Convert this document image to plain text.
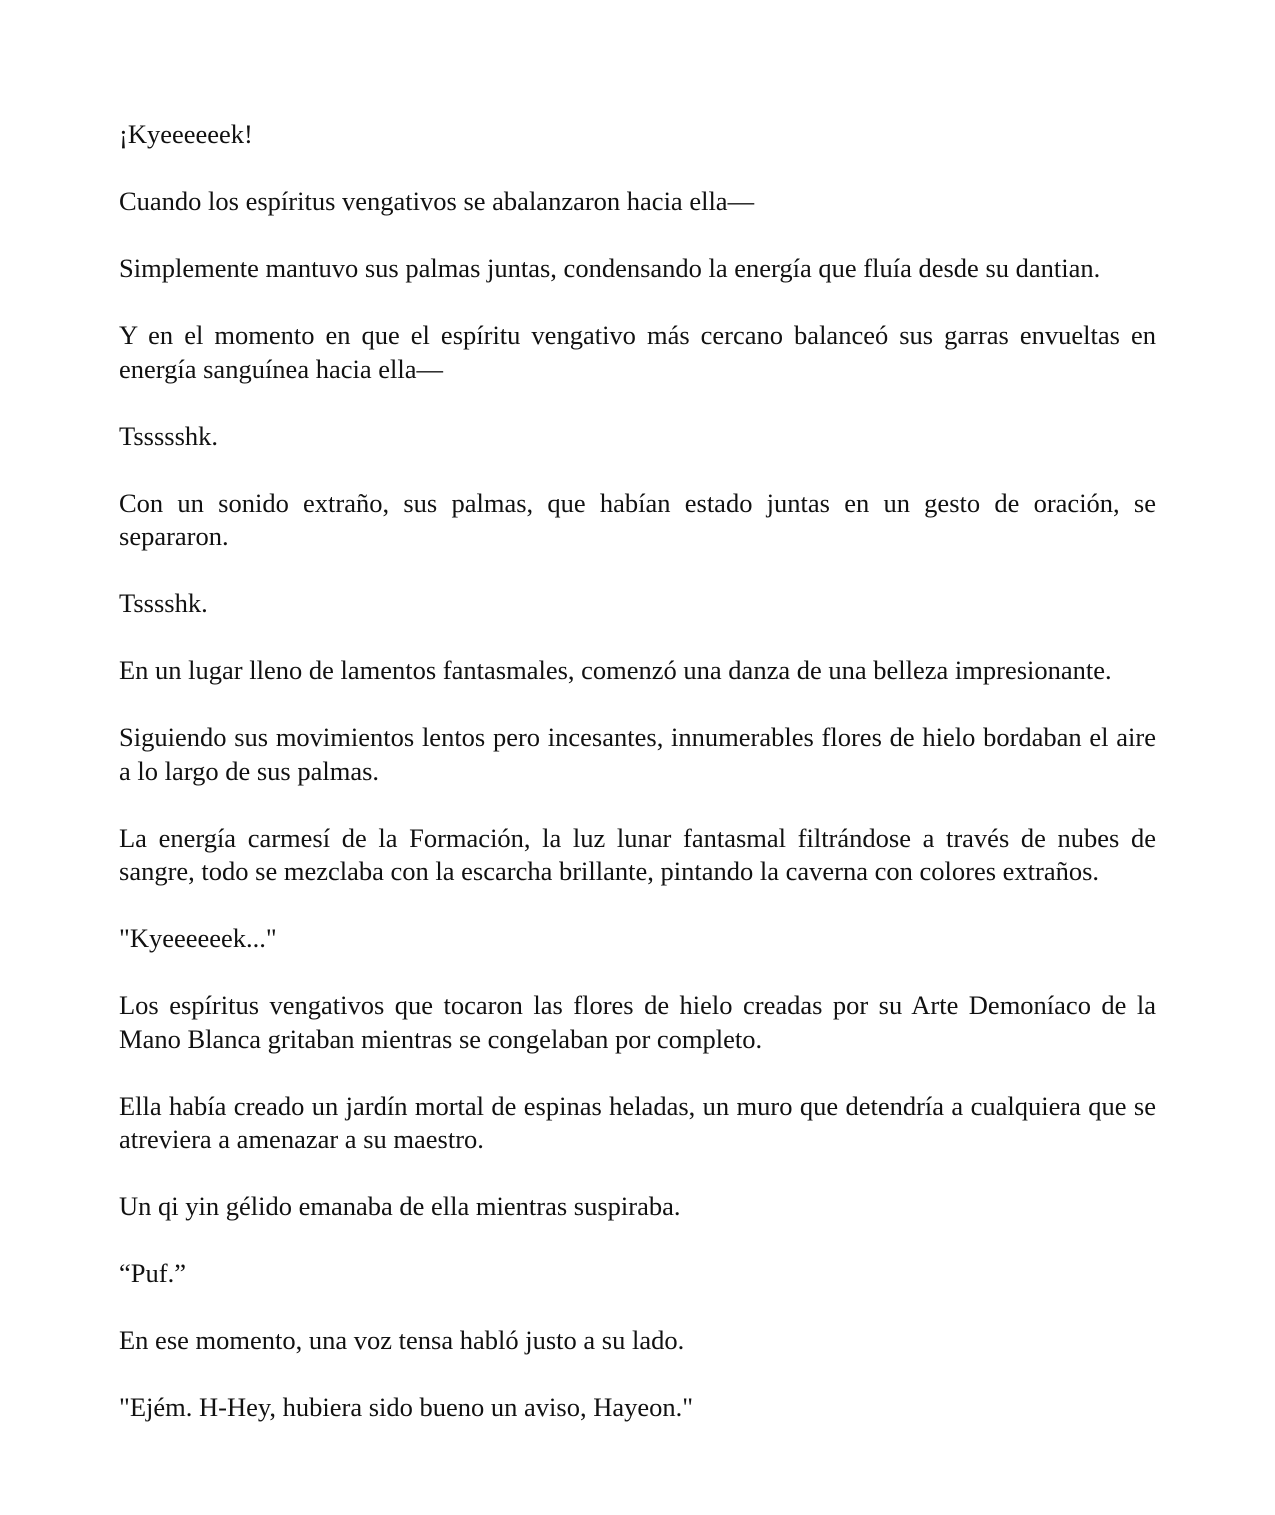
¡Kyeeeeeek!

Cuando los espíritus vengativos se abalanzaron hacia ella—

Simplemente mantuvo sus palmas juntas, condensando la energía que fluía desde su dantian.

Y en el momento en que el espíritu vengativo más cercano balanceó sus garras envueltas en energía sanguínea hacia ella—

Tssssshk.

Con un sonido extraño, sus palmas, que habían estado juntas en un gesto de oración, se separaron.

Tsssshk.

En un lugar lleno de lamentos fantasmales, comenzó una danza de una belleza impresionante.

Siguiendo sus movimientos lentos pero incesantes, innumerables flores de hielo bordaban el aire a lo largo de sus palmas.

La energía carmesí de la Formación, la luz lunar fantasmal filtrándose a través de nubes de sangre, todo se mezclaba con la escarcha brillante, pintando la caverna con colores extraños.

"Kyeeeeeek..."

Los espíritus vengativos que tocaron las flores de hielo creadas por su Arte Demoníaco de la Mano Blanca gritaban mientras se congelaban por completo.

Ella había creado un jardín mortal de espinas heladas, un muro que detendría a cualquiera que se atreviera a amenazar a su maestro.

Un qi yin gélido emanaba de ella mientras suspiraba.

“Puf.”

En ese momento, una voz tensa habló justo a su lado.

"Ejém. H-Hey, hubiera sido bueno un aviso, Hayeon."
